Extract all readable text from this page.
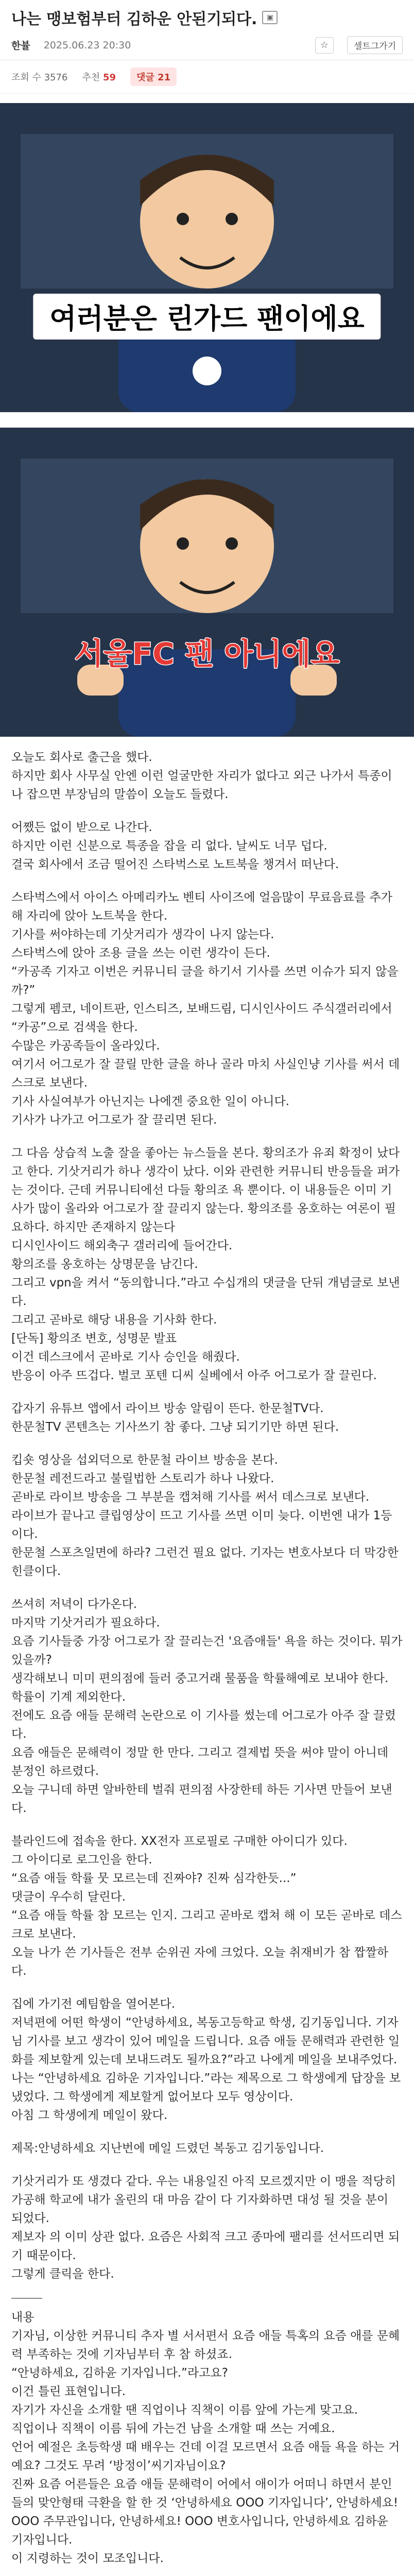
나는 맹보험부터 김하운 안된기되다.	▣
한뷸 2025.06.23 20:30	☆	셀트그가기
조회 수 3576 추천 59	댓글 21

여러분은 린가드 팬이에요

서울FC 팬 아니에요

오늘도 회사로 출근을 했다.
하지만 회사 사무실 안엔 이런 얼굴만한 자리가 없다고 외근 나가서 특종이나 잡으면 부장님의 말씀이 오늘도 들렸다.

어쨌든 없이 받으로 나간다.
하지만 이런 신분으로 특종을 잡을 리 없다. 날씨도 너무 덥다.
결국 회사에서 조금 떨어진 스타벅스로 노트북을 챙겨서 떠난다.

스타벅스에서 아이스 아메리카노 벤티 사이즈에 얼음많이 무료음료를 추가해 자리에 앉아 노트북을 한다.
기사를 써야하는데 기삿거리가 생각이 나지 않는다.
스타벅스에 앉아 조용 글을 쓰는 이런 생각이 든다.
“카공족 기자고 이번은 커뮤니티 글을 하기서 기사를 쓰면 이슈가 되지 않을까?”
그렇게 펨코, 네이트판, 인스티즈, 보배드림, 디시인사이드 주식갤러리에서 “카공”으로 검색을 한다.
수많은 카공족들이 올라있다.
여기서 어그로가 잘 끌릴 만한 글을 하나 골라 마치 사실인냥 기사를 써서 데스크로 보낸다.
기사 사실여부가 아닌지는 나에겐 중요한 일이 아니다.
기사가 나가고 어그로가 잘 끌리면 된다.

그 다음 상습적 노출 잘을 좋아는 뉴스들을 본다. 황의조가 유죄 확정이 났다고 한다. 기삿거리가 하나 생각이 났다. 이와 관련한 커뮤니티 반응들을 퍼가는 것이다. 근데 커뮤니티에선 다들 황의조 욕 뿐이다. 이 내용들은 이미 기사가 많이 올라와 어그로가 잘 끌리지 않는다. 황의조를 옹호하는 여론이 필요하다. 하지만 존재하지 않는다
디시인사이드 해외축구 갤러리에 들어간다.
황의조를 옹호하는 상명문을 남긴다.
그리고 vpn을 켜서 “동의합니다.”라고 수십개의 댓글을 단뒤 개념글로 보낸다.
그리고 곧바로 해당 내용을 기사화 한다.
[단독] 황의조 변호, 성명문 발표
이건 데스크에서 곧바로 기사 승인을 해줬다.
반응이 아주 뜨겁다. 벌코 포텐 디씨 실베에서 아주 어그로가 잘 끌린다.

갑자기 유튜브 앱에서 라이브 방송 알림이 뜬다. 한문철TV다.
한문철TV 콘텐츠는 기사쓰기 참 좋다. 그냥 되기기만 하면 된다.

킵숏 영상을 섭외덕으로 한문철 라이브 방송을 본다.
한문철 레전드라고 불릴법한 스토리가 하나 나왔다.
곧바로 라이브 방송을 그 부분을 캡쳐해 기사를 써서 데스크로 보낸다.
라이브가 끝나고 클립영상이 뜨고 기사를 쓰면 이미 늦다. 이번엔 내가 1등이다.
한문철 스포츠일면에 하라? 그런건 필요 없다. 기자는 변호사보다 더 막강한 힌클이다.

쓰셔히 저녁이 다가온다.
마지막 기삿거리가 필요하다.
요즘 기사들중 가장 어그로가 잘 끌리는건 '요즘애들' 욕을 하는 것이다. 뭐가 있을까?
생각해보니 미미 편의점에 들러 중고거래 물품을 학률해예로 보내야 한다.
학률이 기계 제외한다.
전에도 요즘 애들 문해력 논란으로 이 기사를 썼는데 어그로가 아주 잘 끌렸다.
요즘 애들은 문해력이 정말 한 만다. 그리고 결제법 뜻을 써야 말이 아니데 분정인 하르렸다.
오늘 구니데 하면 알바한테 벌줘 편의점 사장한테 하든 기사면 만들어 보낸다.

블라인드에 접속을 한다. XX전자 프로필로 구매한 아이디가 있다.
그 아이디로 로그인을 한다.
“요즘 애들 학률 뭇 모르는데 진짜야? 진짜 심각한듯...”
댓글이 우수히 달린다.
“요즘 애들 학률 참 모르는 인지. 그리고 곧바로 캡쳐 해 이 모든 곧바로 데스크로 보낸다.
오늘 나가 쓴 기사들은 전부 순위권 자에 크었다. 오늘 취재비가 참 짭짤하다.

집에 가기전 예팀함을 열어본다.
저녁편에 어떤 학생이 “안녕하세요, 복동고등학교 학생, 김기동입니다. 기자님 기사를 보고 생각이 있어 메일을 드립니다. 요즘 애들 문해력과 관련한 일화를 제보할게 있는데 보내드려도 될까요?”라고 나에게 메일을 보내주었다.
나는 “안녕하세요 김하운 기자입니다.”라는 제목으로 그 학생에게 답장을 보냈었다. 그 학생에게 제보할게 없어보다 모두 영상이다.
아침 그 학생에게 메일이 왔다.

제목:안녕하세요 지난번에 메일 드렸던 복동고 김기동입니다.

기삿거리가 또 생겼다 같다. 우는 내용일진 아직 모르겠지만 이 맹을 적당히 가공해 학교에 내가 올린의 대 마음 같이 다 기자화하면 대성 될 것을 분이 되었다.
제보자 의 이미 상관 없다. 요즘은 사회적 크고 종마에 팰리를 선서뜨리면 되기 때문이다.
그렇게 클릭을 한다.

내용
기자님, 이상한 커뮤니티 추자 별 서서편서 요즘 애들 특혹의 요즘 애를 문혜력 부족하는 것에 기자님부터 후 참 하셨죠.
“안녕하세요, 김하윤 기자입니다.”라고요?
이건 틀린 표현입니다.
자기가 자신을 소개할 땐 직업이나 직책이 이름 앞에 가는게 맞고요.
직업이나 직책이 이름 뒤에 가는건 남을 소개할 때 쓰는 거예요.
언어 예절은 초등학생 때 배우는 건데 이걸 모르면서 요즘 애들 욕을 하는 거예요? 그것도 무려 ‘방정이’씨기자님이요?
진짜 요즘 어른들은 요즘 애들 문해력이 어에서 애이가 어떠니 하면서 분인들의 맞안형태 극환을 할 한 것 ‘안녕하세요 OOO 기자입니다’, 안녕하세요! OOO 주무관입니다, 안녕하세요! OOO 변호사입니다, 안녕하세요 김하윤 기자입니다.
이 지령하는 것이 모조입니다.
